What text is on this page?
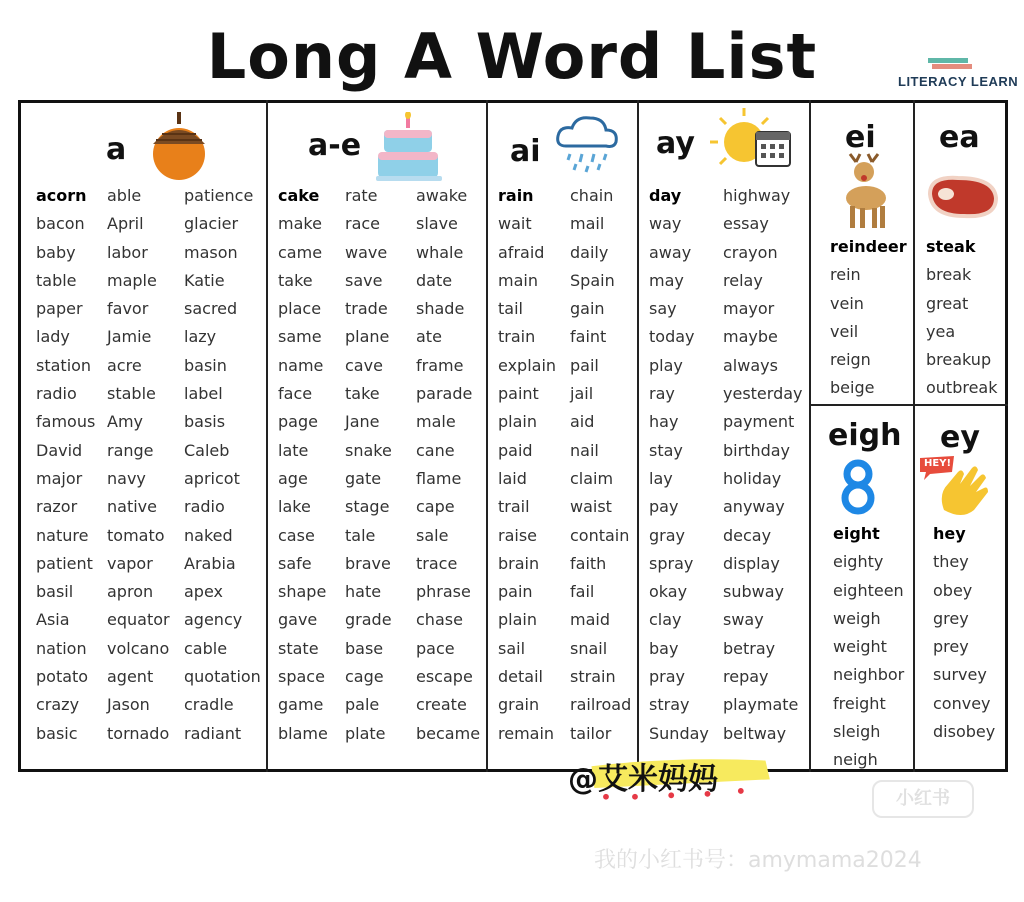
Long A Word List	LITERACY LEARN
a
acorn
bacon
baby
table
paper
lady
station
radio
famous
David
major
razor
nature
patient
basil
Asia
nation
potato
crazy
basic
able
April
labor
maple
favor
Jamie
acre
stable
Amy
range
navy
native
tomato
vapor
apron
equator
volcano
agent
Jason
tornado
patience
glacier
mason
Katie
sacred
lazy
basin
label
basis
Caleb
apricot
radio
naked
Arabia
apex
agency
cable
quotation
cradle
radiant
a-e
cake
make
came
take
place
same
name
face
page
late
age
lake
case
safe
shape
gave
state
space
game
blame
rate
race
wave
save
trade
plane
cave
take
Jane
snake
gate
stage
tale
brave
hate
grade
base
cage
pale
plate
awake
slave
whale
date
shade
ate
frame
parade
male
cane
flame
cape
sale
trace
phrase
chase
pace
escape
create
became
ai
rain
wait
afraid
main
tail
train
explain
paint
plain
paid
laid
trail
raise
brain
pain
plain
sail
detail
grain
remain
chain
mail
daily
Spain
gain
faint
pail
jail
aid
nail
claim
waist
contain
faith
fail
maid
snail
strain
railroad
tailor
ay
day
way
away
may
say
today
play
ray
hay
stay
lay
pay
gray
spray
okay
clay
bay
pray
stray
Sunday
highway
essay
crayon
relay
mayor
maybe
always
yesterday
payment
birthday
holiday
anyway
decay
display
subway
sway
betray
repay
playmate
beltway
ei
reindeer
rein
vein
veil
reign
beige
ea
steak
break
great
yea
breakup
outbreak
eigh
eight
eighty
eighteen
weigh
weight
neighbor
freight
sleigh
neigh
ey
HEY!
hey
they
obey
grey
prey
survey
convey
disobey
@艾米妈妈
小红书
我的小红书号：amymama2024
